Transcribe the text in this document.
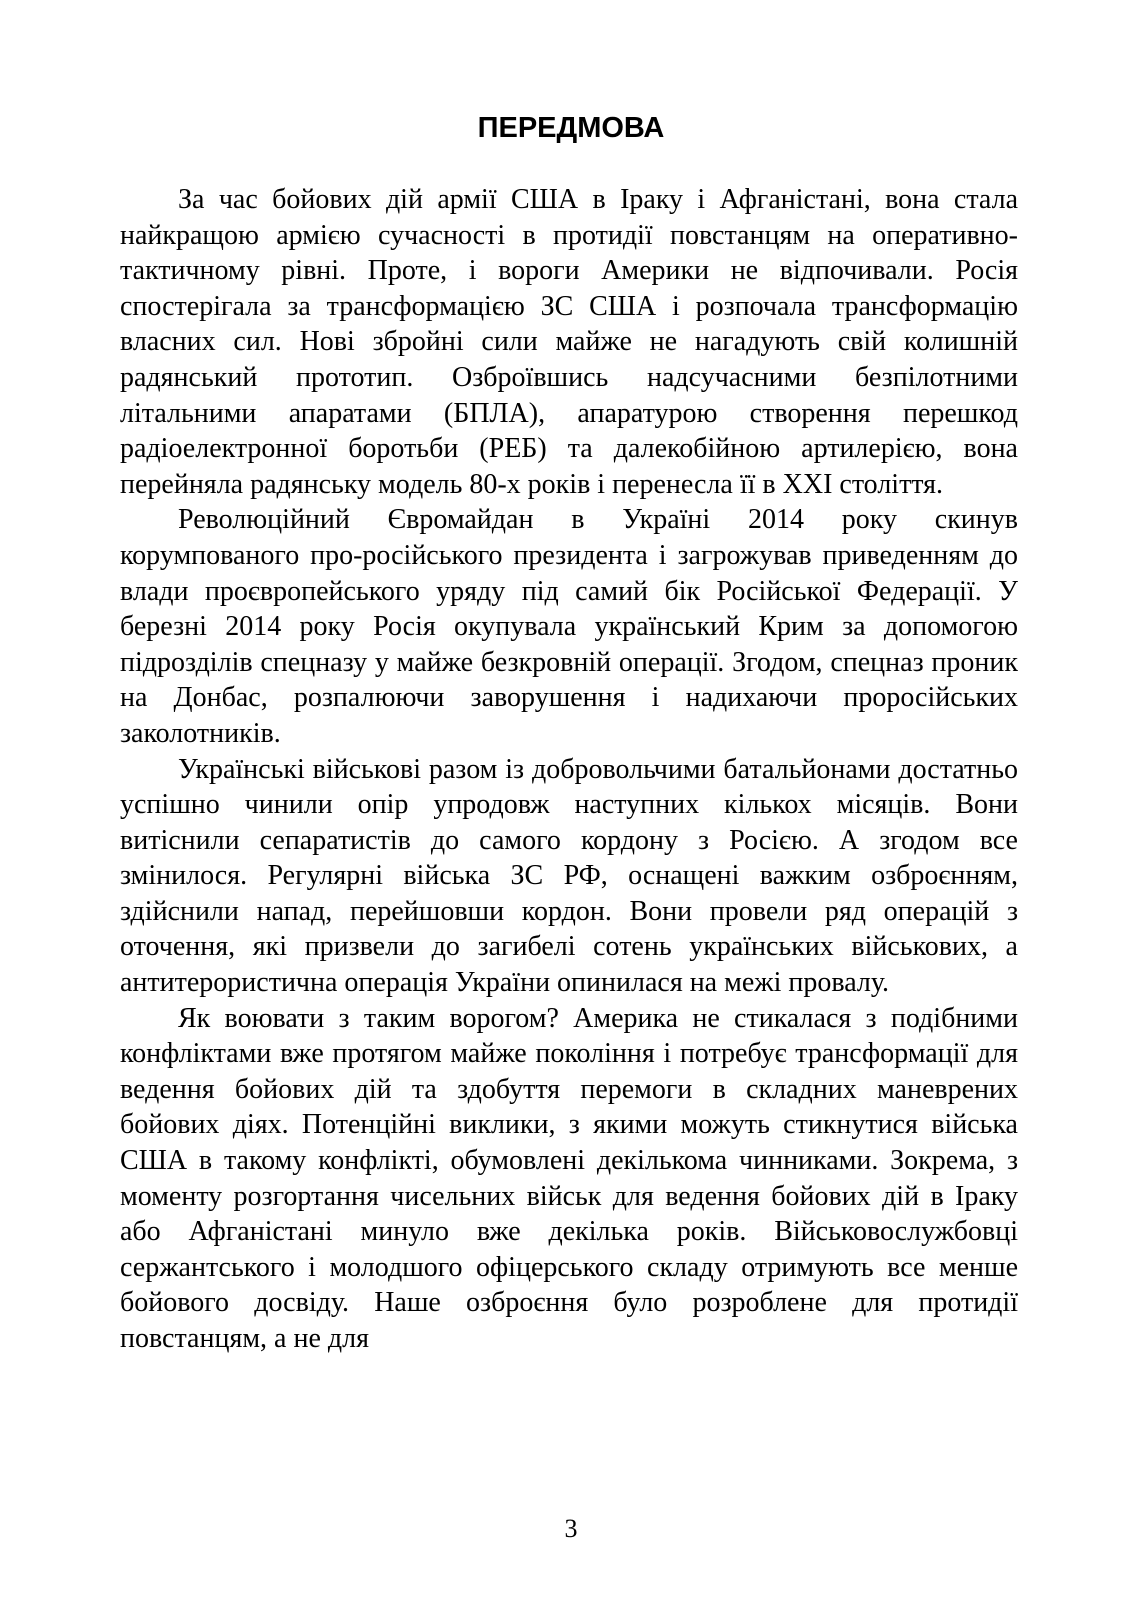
ПЕРЕДМОВА

За час бойових дій армії США в Іраку і Афганістані, вона стала найкращою армією сучасності в протидії повстанцям на оперативно-тактичному рівні. Проте, і вороги Америки не відпочивали. Росія спостерігала за трансформацією ЗС США і розпочала трансформацію власних сил. Нові збройні сили майже не нагадують свій колишній радянський прототип. Озброївшись надсучасними безпілотними літальними апаратами (БПЛА), апаратурою створення перешкод радіоелектронної боротьби (РЕБ) та далекобійною артилерією, вона перейняла радянську модель 80-х років і перенесла її в XXI століття.

Революційний Євромайдан в Україні 2014 року скинув корумпованого про-російського президента і загрожував приведенням до влади проєвропейського уряду під самий бік Російської Федерації. У березні 2014 року Росія окупувала український Крим за допомогою підрозділів спецназу у майже безкровній операції. Згодом, спецназ проник на Донбас, розпалюючи заворушення і надихаючи проросійських заколотників.

Українські військові разом із добровольчими батальйонами достатньо успішно чинили опір упродовж наступних кількох місяців. Вони витіснили сепаратистів до самого кордону з Росією. А згодом все змінилося. Регулярні війська ЗС РФ, оснащені важким озброєнням, здійснили напад, перейшовши кордон. Вони провели ряд операцій з оточення, які призвели до загибелі сотень українських військових, а антитерористична операція України опинилася на межі провалу.

Як воювати з таким ворогом? Америка не стикалася з подібними конфліктами вже протягом майже покоління і потребує трансформації для ведення бойових дій та здобуття перемоги в складних маневрених бойових діях. Потенційні виклики, з якими можуть стикнутися війська США в такому конфлікті, обумовлені декількома чинниками. Зокрема, з моменту розгортання чисельних військ для ведення бойових дій в Іраку або Афганістані минуло вже декілька років. Військовослужбовці сержантського і молодшого офіцерського складу отримують все менше бойового досвіду. Наше озброєння було розроблене для протидії повстанцям, а не для

3
